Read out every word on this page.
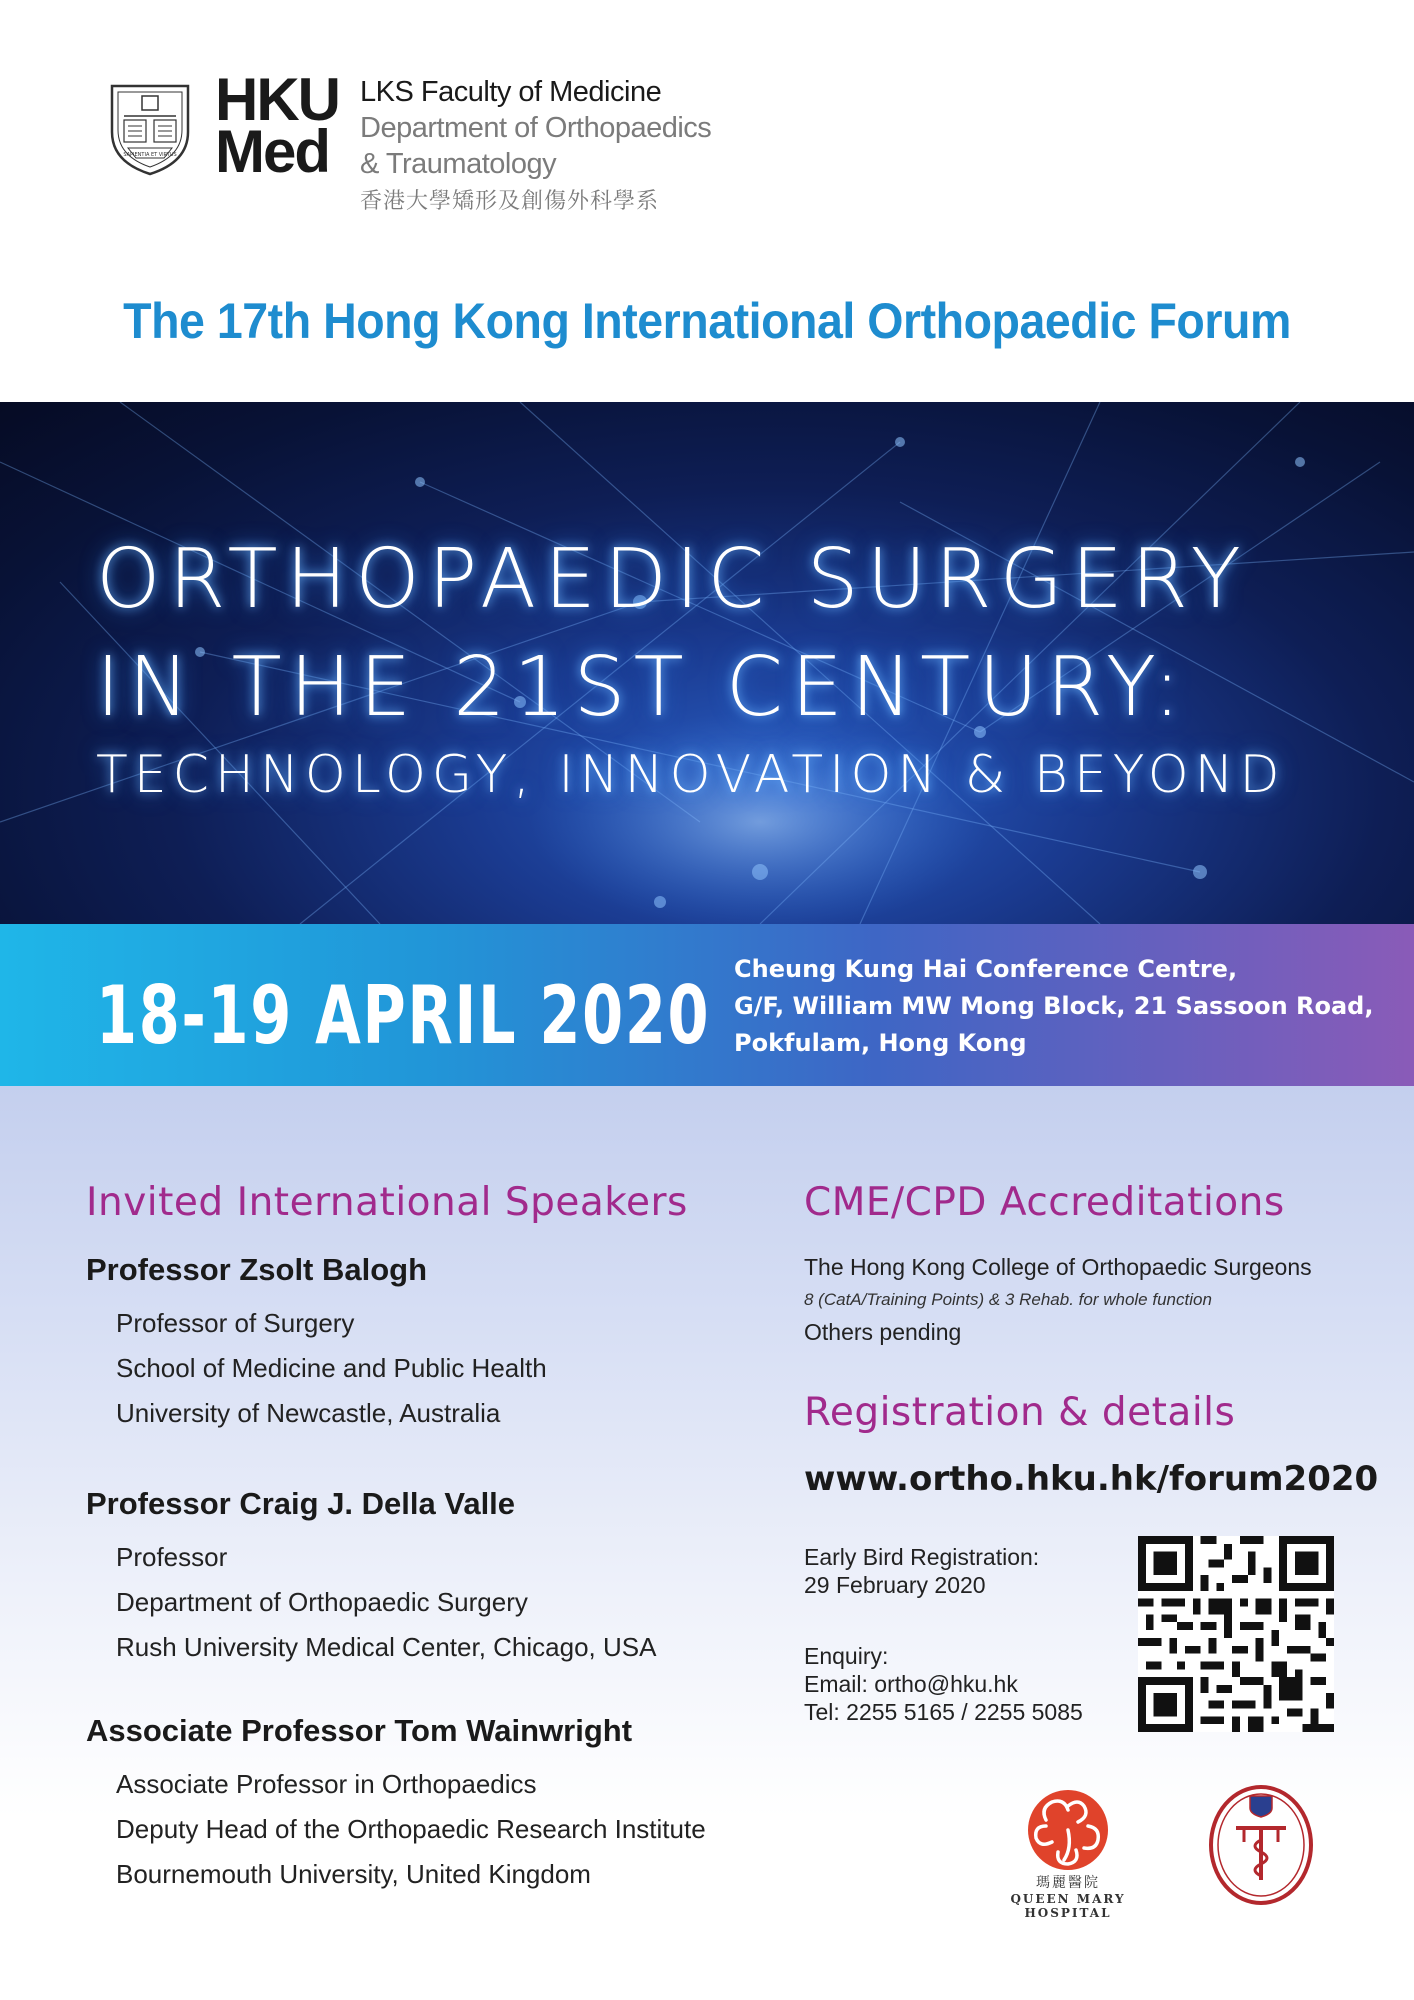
SAPIENTIA ET VIRTUS
HKU
Med
LKS Faculty of Medicine
Department of Orthopaedics
& Traumatology
香港大學矯形及創傷外科學系
The 17th Hong Kong International Orthopaedic Forum
ORTHOPAEDIC SURGERY
IN THE 21ST CENTURY:
TECHNOLOGY, INNOVATION & BEYOND
18-19 APRIL 2020 Cheung Kung Hai Conference Centre,
G/F, William MW Mong Block, 21 Sassoon Road,
Pokfulam, Hong Kong
Invited International Speakers
Professor Zsolt Balogh
Professor of Surgery
School of Medicine and Public Health
University of Newcastle, Australia
Professor Craig J. Della Valle
Professor
Department of Orthopaedic Surgery
Rush University Medical Center, Chicago, USA
Associate Professor Tom Wainwright
Associate Professor in Orthopaedics
Deputy Head of the Orthopaedic Research Institute
Bournemouth University, United Kingdom
CME/CPD Accreditations
The Hong Kong College of Orthopaedic Surgeons
8 (CatA/Training Points) & 3 Rehab. for whole function
Others pending
Registration & details
www.ortho.hku.hk/forum2020
Early Bird Registration:
29 February 2020
Enquiry:
Email: ortho@hku.hk
Tel: 2255 5165 / 2255 5085
瑪麗醫院
QUEEN MARY HOSPITAL
